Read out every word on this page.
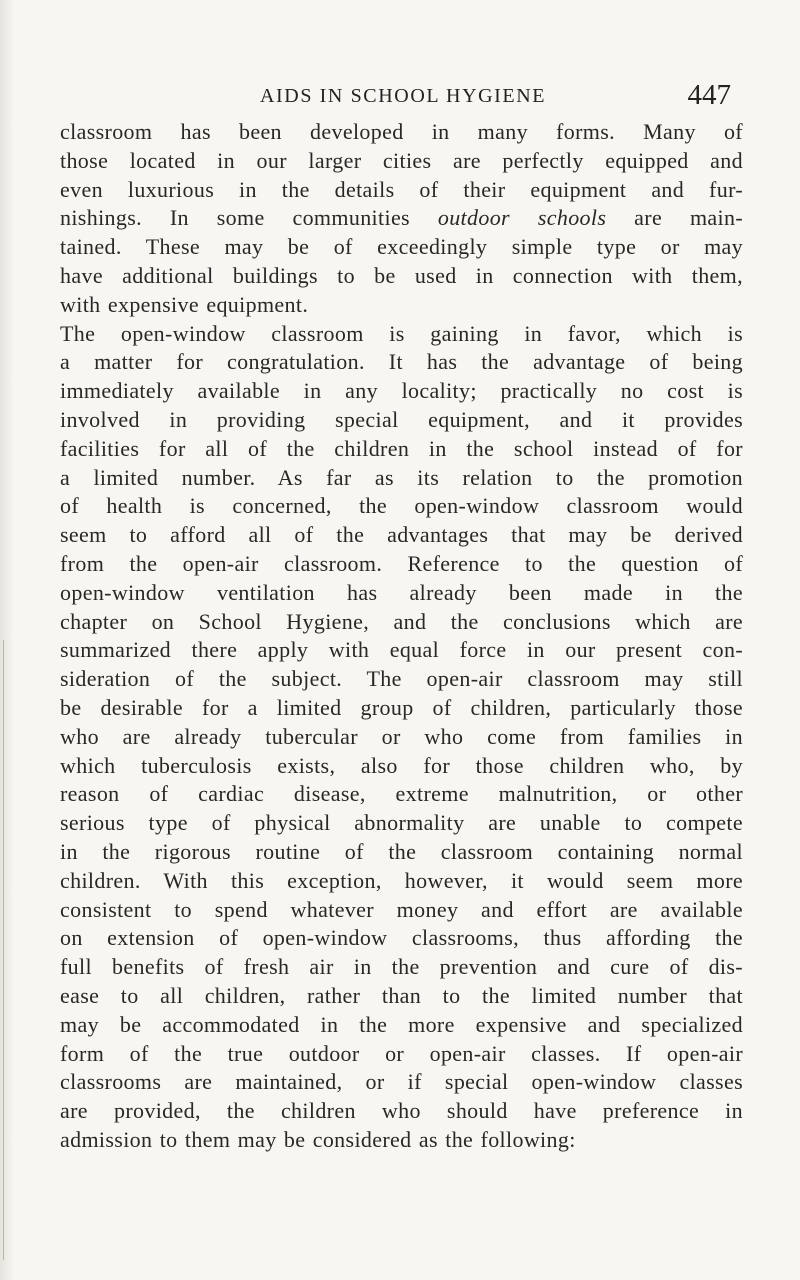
AIDS IN SCHOOL HYGIENE	447
classroom has been developed in many forms. Many of
those located in our larger cities are perfectly equipped and
even luxurious in the details of their equipment and fur-
nishings. In some communities outdoor schools are main-
tained. These may be of exceedingly simple type or may
have additional buildings to be used in connection with them,
with expensive equipment.
The open-window classroom is gaining in favor, which is
a matter for congratulation. It has the advantage of being
immediately available in any locality; practically no cost is
involved in providing special equipment, and it provides
facilities for all of the children in the school instead of for
a limited number. As far as its relation to the promotion
of health is concerned, the open-window classroom would
seem to afford all of the advantages that may be derived
from the open-air classroom. Reference to the question of
open-window ventilation has already been made in the
chapter on School Hygiene, and the conclusions which are
summarized there apply with equal force in our present con-
sideration of the subject. The open-air classroom may still
be desirable for a limited group of children, particularly those
who are already tubercular or who come from families in
which tuberculosis exists, also for those children who, by
reason of cardiac disease, extreme malnutrition, or other
serious type of physical abnormality are unable to compete
in the rigorous routine of the classroom containing normal
children. With this exception, however, it would seem more
consistent to spend whatever money and effort are available
on extension of open-window classrooms, thus affording the
full benefits of fresh air in the prevention and cure of dis-
ease to all children, rather than to the limited number that
may be accommodated in the more expensive and specialized
form of the true outdoor or open-air classes. If open-air
classrooms are maintained, or if special open-window classes
are provided, the children who should have preference in
admission to them may be considered as the following:
